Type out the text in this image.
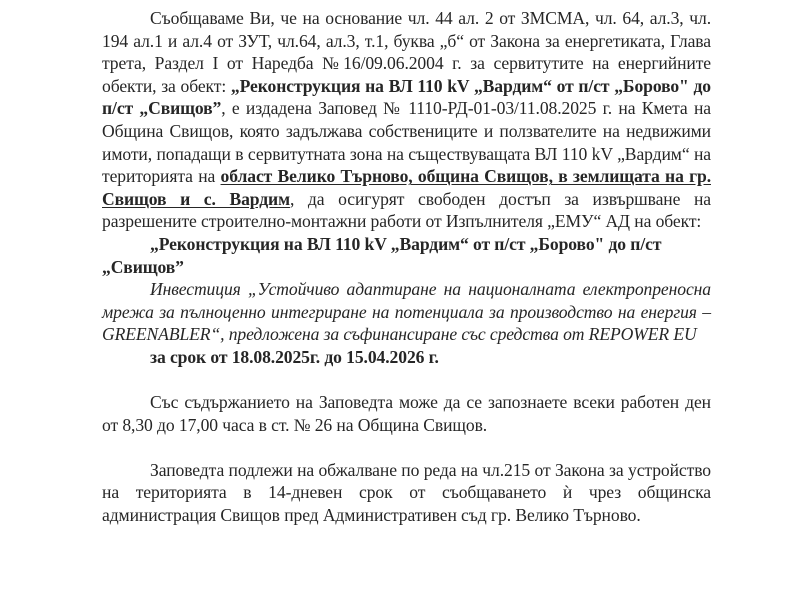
Съобщаваме Ви, че на основание чл. 44 ал. 2 от ЗМСМА, чл. 64, ал.3, чл. 194 ал.1 и ал.4 от ЗУТ, чл.64, ал.3, т.1, буква „б“ от Закона за енергетиката, Глава трета, Раздел I от Наредба №16/09.06.2004 г. за сервитутите на енергийните обекти, за обект: „Реконструкция на ВЛ 110 kV „Вардим“ от п/ст „Борово" до п/ст „Свищов”, е издадена Заповед № 1110-РД-01-03/11.08.2025 г. на Кмета на Община Свищов, която задължава собствениците и ползвателите на недвижими имоти, попадащи в сервитутната зона на съществуващата ВЛ 110 kV „Вардим“ на територията на област Велико Търново, община Свищов, в землищата на гр. Свищов и с. Вардим, да осигурят свободен достъп за извършване на разрешените строително-монтажни работи от Изпълнителя „ЕМУ“ АД на обект:

„Реконструкция на ВЛ 110 kV „Вардим“ от п/ст „Борово" до п/ст „Свищов”

Инвестиция „Устойчиво адаптиране на националната електропреносна мрежа за пълноценно интегриране на потенциала за производство на енергия – GREENABLER“, предложена за съфинансиране със средства от REPOWER EU

за срок от 18.08.2025г. до 15.04.2026 г.

Със съдържанието на Заповедта може да се запознаете всеки работен ден от 8,30 до 17,00 часа в ст. № 26 на Община Свищов.

Заповедта подлежи на обжалване по реда на чл.215 от Закона за устройство на територията в 14-дневен срок от съобщаването ѝ чрез общинска администрация Свищов пред Административен съд гр. Велико Търново.
